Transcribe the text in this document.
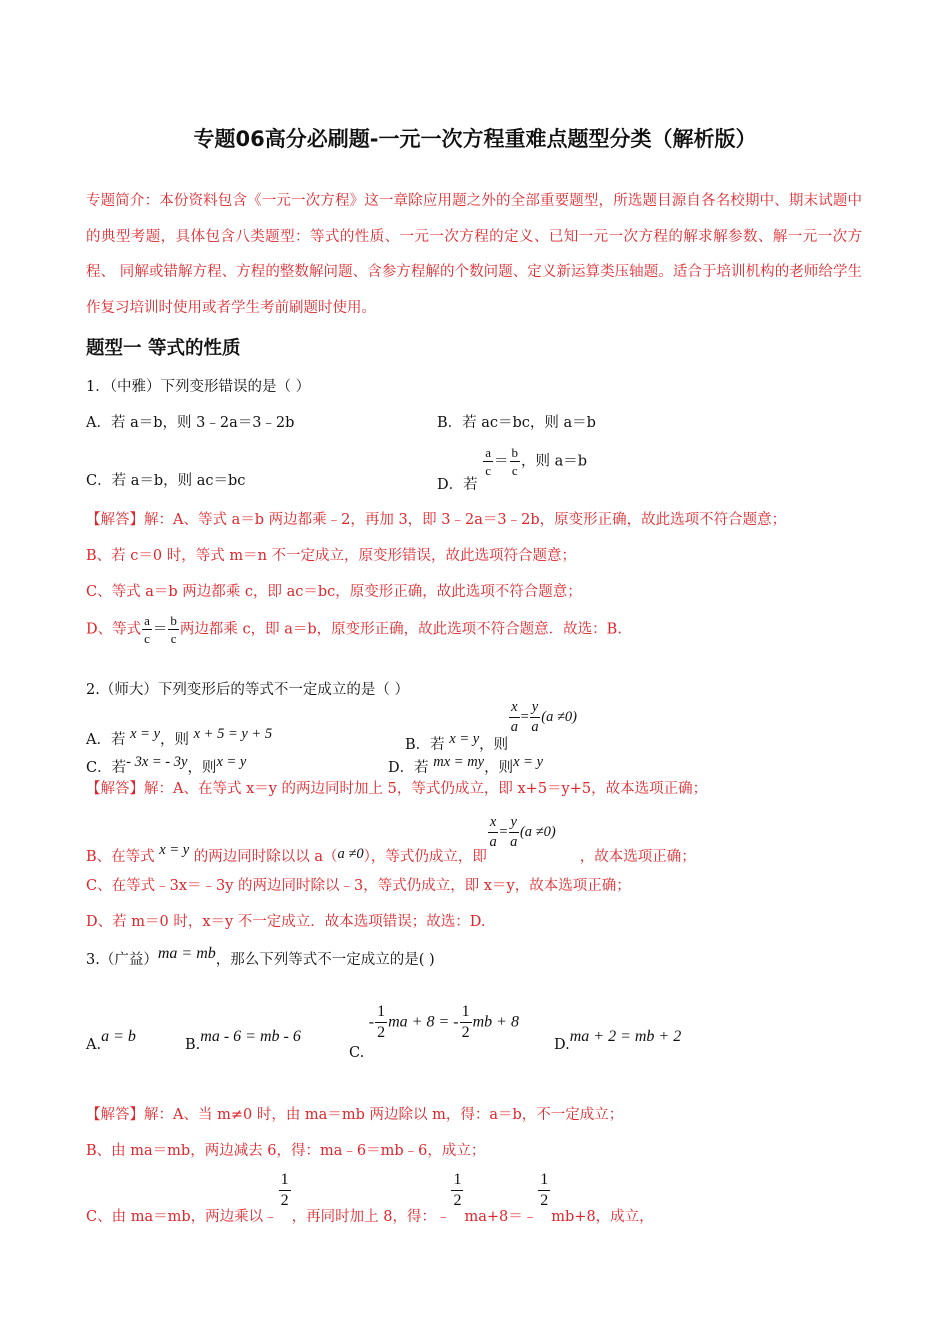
专题06高分必刷题-一元一次方程重难点题型分类（解析版）
专题简介：本份资料包含《一元一次方程》这一章除应用题之外的全部重要题型，所选题目源自各名校期中、期末试题中的典型考题，具体包含八类题型：等式的性质、一元一次方程的定义、已知一元一次方程的解求解参数、解一元一次方程、 同解或错解方程、方程的整数解问题、含参方程解的个数问题、定义新运算类压轴题。适合于培训机构的老师给学生作复习培训时使用或者学生考前刷题时使用。
题型一 等式的性质
1．（中雅）下列变形错误的是（ ）
A．若 a＝b，则 3﹣2a＝3﹣2b	B．若 ac＝bc，则 a＝b
C．若 a＝b，则 ac＝bc	D．若
$\frac{a}{c} = \frac{b}{c}$ ，则 a＝b
【解答】解：A、等式 a＝b 两边都乘﹣2，再加 3，即 3﹣2a＝3﹣2b，原变形正确，故此选项不符合题意；
B、若 c＝0 时，等式 m＝n 不一定成立，原变形错误，故此选项符合题意；
C、等式 a＝b 两边都乘 c，即 ac＝bc，原变形正确，故此选项不符合题意；
D、等式 $\frac{a}{c} = \frac{b}{c}$ 两边都乘 c，即 a＝b，原变形正确，故此选项不符合题意．故选：B.
2.（师大）下列变形后的等式不一定成立的是（ ）
A．若 x = y，则 x + 5 = y + 5
B．若 x = y，则
$\frac{x}{a} = \frac{y}{a} (a \ne 0)$
C．若- 3x = - 3y，则x = y	D．若 mx = my，则x = y
【解答】解：A、在等式 x＝y 的两边同时加上 5，等式仍成立，即 x+5＝y+5，故本选项正确；
B、在等式 x = y 的两边同时除以以 a（a ≠0），等式仍成立，即
$\frac{x}{a} = \frac{y}{a} (a \ne 0)$，故本选项正确；
C、在等式﹣3x＝﹣3y 的两边同时除以﹣3，等式仍成立，即 x＝y，故本选项正确；
D、若 m＝0 时，x＝y 不一定成立．故本选项错误；故选：D.
3.（广益）ma = mb，那么下列等式不一定成立的是( )
A.a = b	B.ma - 6 = mb - 6
C. - $\frac{1}{2}$ ma + 8 = - $\frac{1}{2}$ mb + 8
D.ma + 2 = mb + 2
【解答】解：A、当 m≠0 时，由 ma＝mb 两边除以 m，得：a＝b，不一定成立；
B、由 ma＝mb，两边减去 6，得：ma﹣6＝mb﹣6，成立；
C、由 ma＝mb，两边乘以﹣
$\frac{1}{2}$
，再同时加上 8，得：﹣
$\frac{1}{2}$
ma+8＝﹣
$\frac{1}{2}$
mb+8，成立，
